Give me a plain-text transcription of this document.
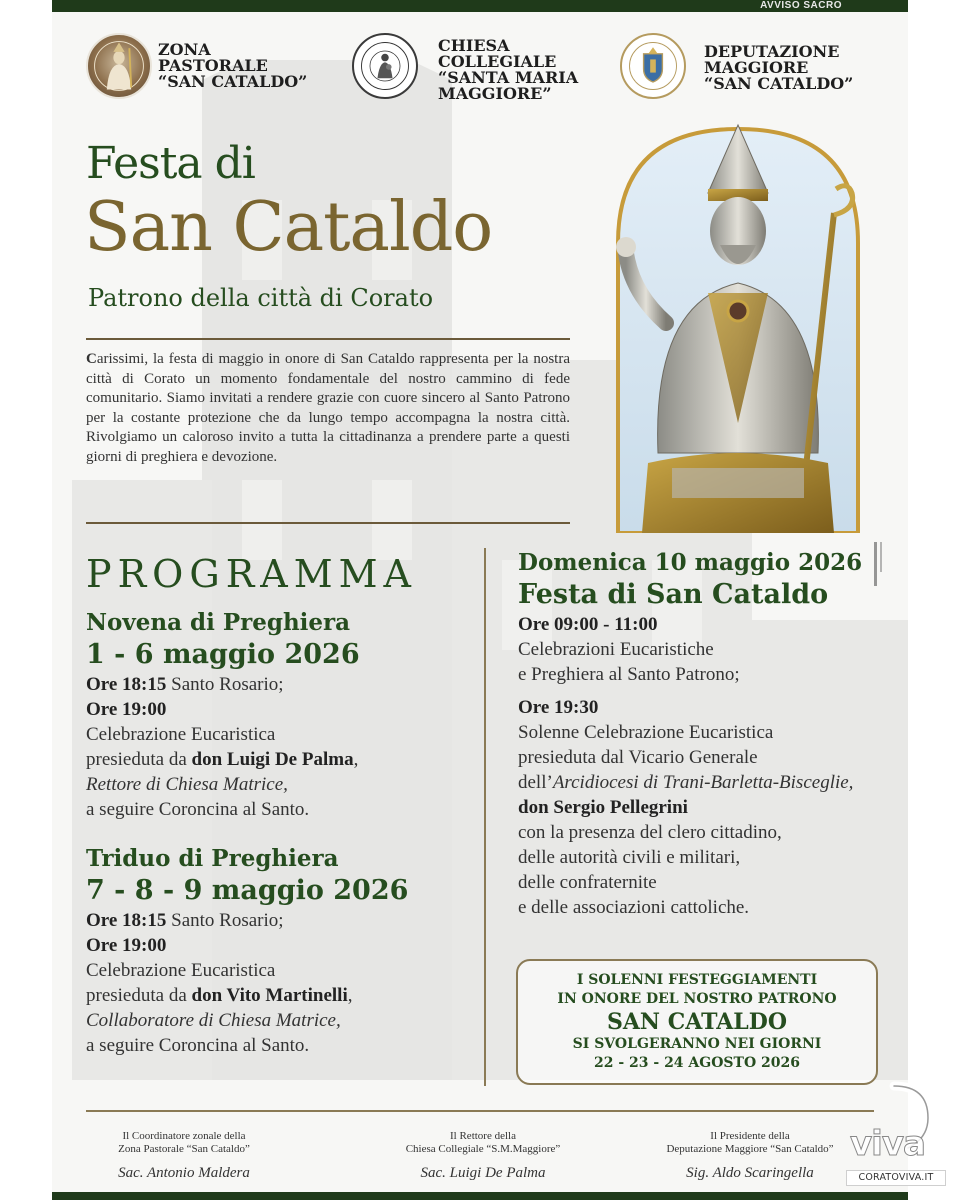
AVVISO SACRO
ZONA
PASTORALE
“SAN CATALDO”
CHIESA
COLLEGIALE
“SANTA MARIA
MAGGIORE”
DEPUTAZIONE
MAGGIORE
“SAN CATALDO”
Festa di
San Cataldo
Patrono della città di Corato
Carissimi, la festa di maggio in onore di San Cataldo rappresenta per la nostra città di Corato un momento fondamentale del nostro cammino di fede comunitario. Siamo invitati a rendere grazie con cuore sincero al Santo Patrono per la costante protezione che da lungo tempo accompagna la nostra città. Rivolgiamo un caloroso invito a tutta la cittadinanza a prendere parte a questi giorni di preghiera e devozione.
PROGRAMMA
Novena di Preghiera
1 - 6 maggio 2026
Ore 18:15 Santo Rosario;
Ore 19:00
Celebrazione Eucaristica
presieduta da don Luigi De Palma,
Rettore di Chiesa Matrice,
a seguire Coroncina al Santo.
Triduo di Preghiera
7 - 8 - 9 maggio 2026
Ore 18:15 Santo Rosario;
Ore 19:00
Celebrazione Eucaristica
presieduta da don Vito Martinelli,
Collaboratore di Chiesa Matrice,
a seguire Coroncina al Santo.
Domenica 10 maggio 2026
Festa di San Cataldo
Ore 09:00 - 11:00
Celebrazioni Eucaristiche
e Preghiera al Santo Patrono;
Ore 19:30
Solenne Celebrazione Eucaristica
presieduta dal Vicario Generale
dell’Arcidiocesi di Trani-Barletta-Bisceglie,
don Sergio Pellegrini
con la presenza del clero cittadino,
delle autorità civili e militari,
delle confraternite
e delle associazioni cattoliche.
I SOLENNI FESTEGGIAMENTI
IN ONORE DEL NOSTRO PATRONO
SAN CATALDO
SI SVOLGERANNO NEI GIORNI
22 - 23 - 24 AGOSTO 2026
Il Coordinatore zonale della
Zona Pastorale “San Cataldo”
Sac. Antonio Maldera
Il Rettore della
Chiesa Collegiale “S.M.Maggiore”
Sac. Luigi De Palma
Il Presidente della
Deputazione Maggiore “San Cataldo”
Sig. Aldo Scaringella
viva
CORATOVIVA.IT
